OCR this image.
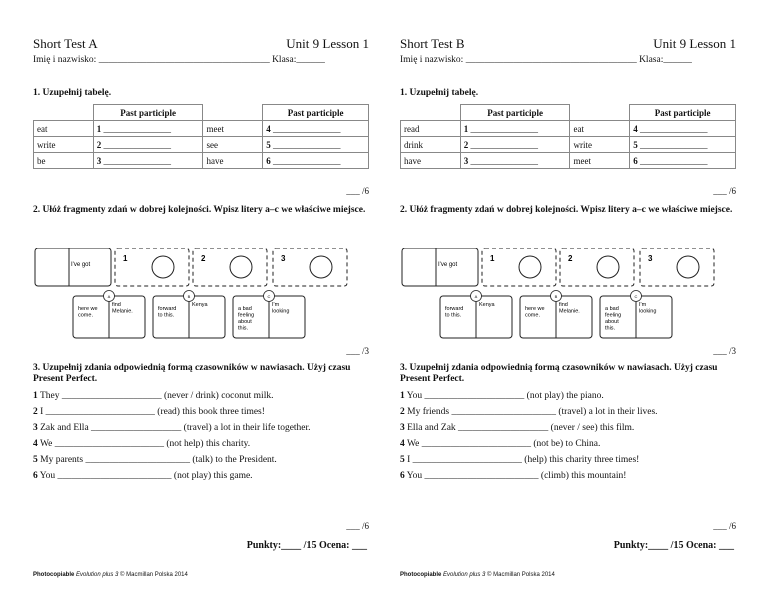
Short Test A	Unit 9 Lesson 1
Imię i nazwisko: ____________________________________ Klasa:______
1. Uzupełnij tabelę.
	Past participle		Past participle
eat	1 _______________	meet	4 _______________
write	2 _______________	see	5 _______________
be	3 _______________	have	6 _______________
___ /6
2. Ułóż fragmenty zdań w dobrej kolejności. Wpisz litery a–c we właściwe miejsce.
I've got
1	2	3
A
here we come.
find Melanie.
B
forward to this.
Kenya
C
a bad feeling about this.
I'm looking
___ /3
3. Uzupełnij zdania odpowiednią formą czasowników w nawiasach. Użyj czasu Present Perfect.
1 They _____________________ (never / drink) coconut milk.
2 I _______________________ (read) this book three times!
3 Zak and Ella ___________________ (travel) a lot in their life together.
4 We _______________________ (not help) this charity.
5 My parents ______________________ (talk) to the President.
6 You ________________________ (not play) this game.
___ /6
Punkty:____ /15 Ocena: ___
Photocopiable Evolution plus 3 © Macmillan Polska 2014
Short Test B	Unit 9 Lesson 1
Imię i nazwisko: ____________________________________ Klasa:______
1. Uzupełnij tabelę.
	Past participle		Past participle
read	1 _______________	eat	4 _______________
drink	2 _______________	write	5 _______________
have	3 _______________	meet	6 _______________
___ /6
2. Ułóż fragmenty zdań w dobrej kolejności. Wpisz litery a–c we właściwe miejsce.
I've got
1	2	3
A
forward to this.
Kenya
B
here we come.
find Melanie.
C
a bad feeling about this.
I'm looking
___ /3
3. Uzupełnij zdania odpowiednią formą czasowników w nawiasach. Użyj czasu Present Perfect.
1 You _____________________ (not play) the piano.
2 My friends ______________________ (travel) a lot in their lives.
3 Ella and Zak ___________________ (never / see) this film.
4 We _______________________ (not be) to China.
5 I _______________________ (help) this charity three times!
6 You ________________________ (climb) this mountain!
___ /6
Punkty:____ /15 Ocena: ___
Photocopiable Evolution plus 3 © Macmillan Polska 2014
